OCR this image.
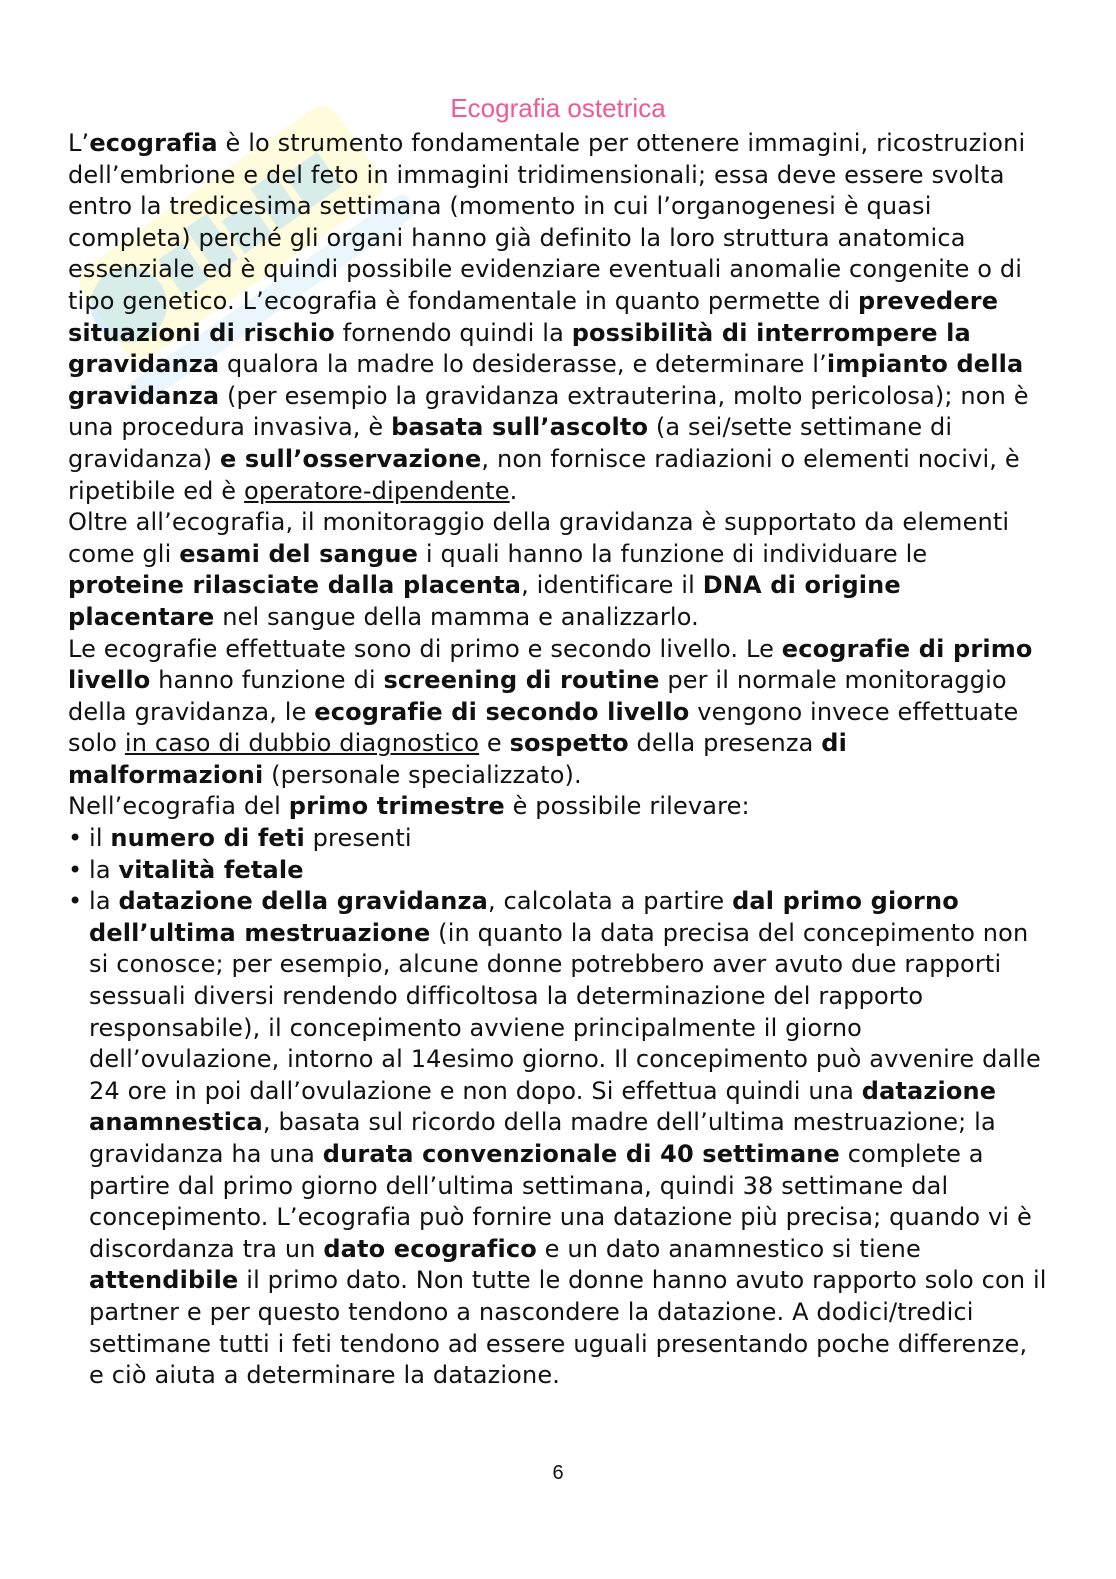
Ecografia ostetrica

L’ecografia è lo strumento fondamentale per ottenere immagini, ricostruzioni dell’embrione e del feto in immagini tridimensionali; essa deve essere svolta entro la tredicesima settimana (momento in cui l’organogenesi è quasi completa) perché gli organi hanno già definito la loro struttura anatomica essenziale ed è quindi possibile evidenziare eventuali anomalie congenite o di tipo genetico. L’ecografia è fondamentale in quanto permette di prevedere situazioni di rischio fornendo quindi la possibilità di interrompere la gravidanza qualora la madre lo desiderasse, e determinare l’impianto della gravidanza (per esempio la gravidanza extrauterina, molto pericolosa); non è una procedura invasiva, è basata sull’ascolto (a sei/sette settimane di gravidanza) e sull’osservazione, non fornisce radiazioni o elementi nocivi, è ripetibile ed è operatore-dipendente.

Oltre all’ecografia, il monitoraggio della gravidanza è supportato da elementi come gli esami del sangue i quali hanno la funzione di individuare le proteine rilasciate dalla placenta, identificare il DNA di origine placentare nel sangue della mamma e analizzarlo.

Le ecografie effettuate sono di primo e secondo livello. Le ecografie di primo livello hanno funzione di screening di routine per il normale monitoraggio della gravidanza, le ecografie di secondo livello vengono invece effettuate solo in caso di dubbio diagnostico e sospetto della presenza di malformazioni (personale specializzato).

Nell’ecografia del primo trimestre è possibile rilevare:

• il numero di feti presenti
• la vitalità fetale
• la datazione della gravidanza, calcolata a partire dal primo giorno dell’ultima mestruazione (in quanto la data precisa del concepimento non si conosce; per esempio, alcune donne potrebbero aver avuto due rapporti sessuali diversi rendendo difficoltosa la determinazione del rapporto responsabile), il concepimento avviene principalmente il giorno dell’ovulazione, intorno al 14esimo giorno. Il concepimento può avvenire dalle 24 ore in poi dall’ovulazione e non dopo. Si effettua quindi una datazione anamnestica, basata sul ricordo della madre dell’ultima mestruazione; la gravidanza ha una durata convenzionale di 40 settimane complete a partire dal primo giorno dell’ultima settimana, quindi 38 settimane dal concepimento. L’ecografia può fornire una datazione più precisa; quando vi è discordanza tra un dato ecografico e un dato anamnestico si tiene attendibile il primo dato. Non tutte le donne hanno avuto rapporto solo con il partner e per questo tendono a nascondere la datazione. A dodici/tredici settimane tutti i feti tendono ad essere uguali presentando poche differenze, e ciò aiuta a determinare la datazione.
6
